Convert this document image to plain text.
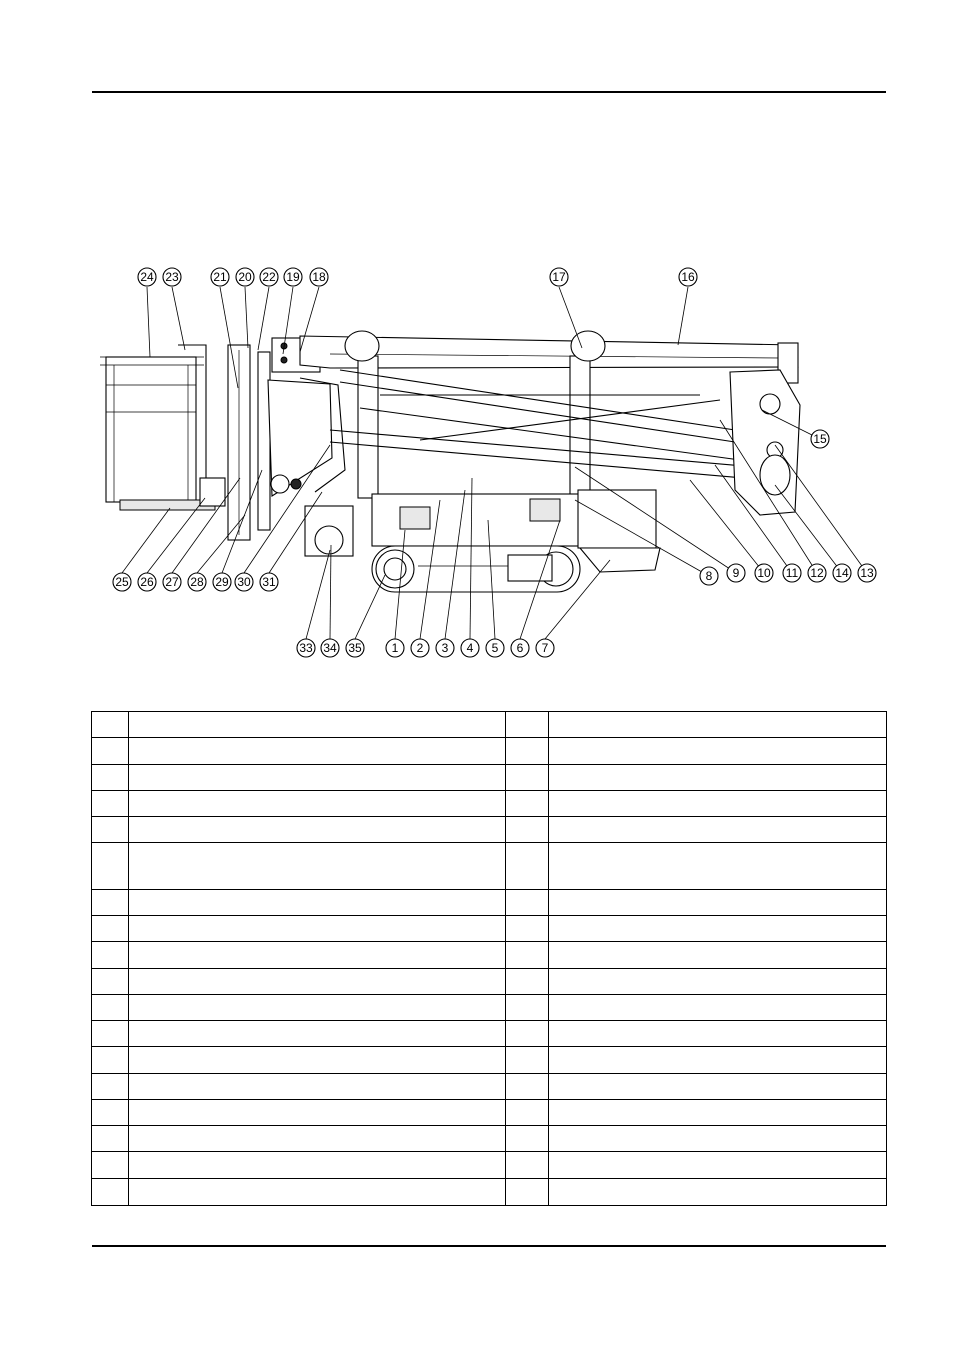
1 2 3 4 5 6 7
8 9 10 11 12	13
14
15
16
17
18
19
20
21	22
23
24
25 26 27 28 29 30 31
33 34 35
